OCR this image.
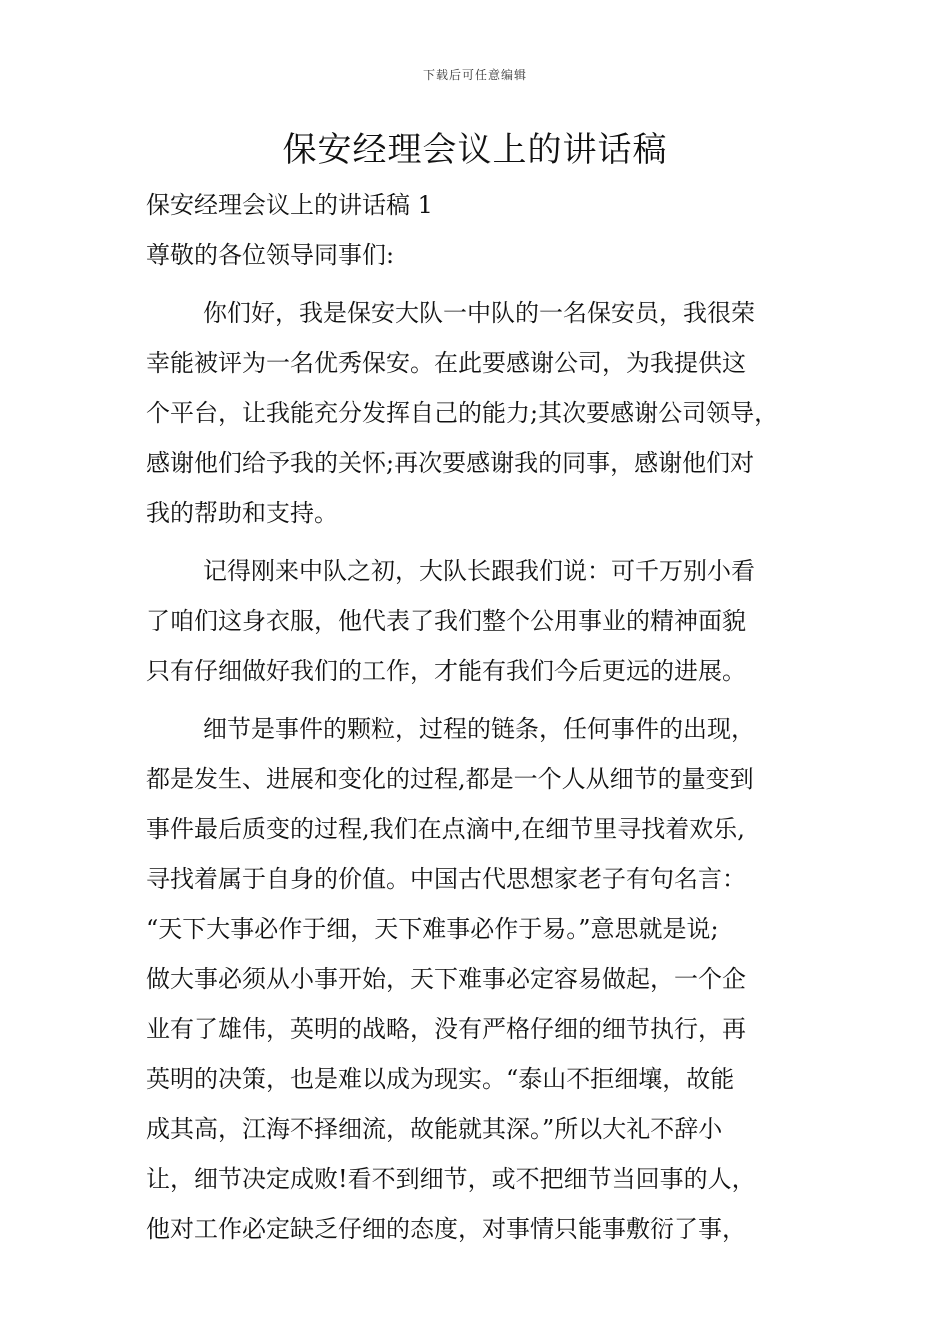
下载后可任意编辑
保安经理会议上的讲话稿
保安经理会议上的讲话稿 1
尊敬的各位领导同事们:
你们好，我是保安大队一中队的一名保安员，我很荣
幸能被评为一名优秀保安。在此要感谢公司，为我提供这
个平台，让我能充分发挥自己的能力;其次要感谢公司领导，
感谢他们给予我的关怀;再次要感谢我的同事，感谢他们对
我的帮助和支持。
记得刚来中队之初，大队长跟我们说：可千万别小看
了咱们这身衣服，他代表了我们整个公用事业的精神面貌
只有仔细做好我们的工作，才能有我们今后更远的进展。
细节是事件的颗粒，过程的链条，任何事件的出现，
都是发生、进展和变化的过程,都是一个人从细节的量变到
事件最后质变的过程,我们在点滴中,在细节里寻找着欢乐,
寻找着属于自身的价值。中国古代思想家老子有句名言：
“天下大事必作于细，天下难事必作于易。”意思就是说;
做大事必须从小事开始，天下难事必定容易做起，一个企
业有了雄伟，英明的战略，没有严格仔细的细节执行，再
英明的决策，也是难以成为现实。“泰山不拒细壤，故能
成其高，江海不择细流，故能就其深。”所以大礼不辞小
让，细节决定成败!看不到细节，或不把细节当回事的人，
他对工作必定缺乏仔细的态度，对事情只能事敷衍了事，
